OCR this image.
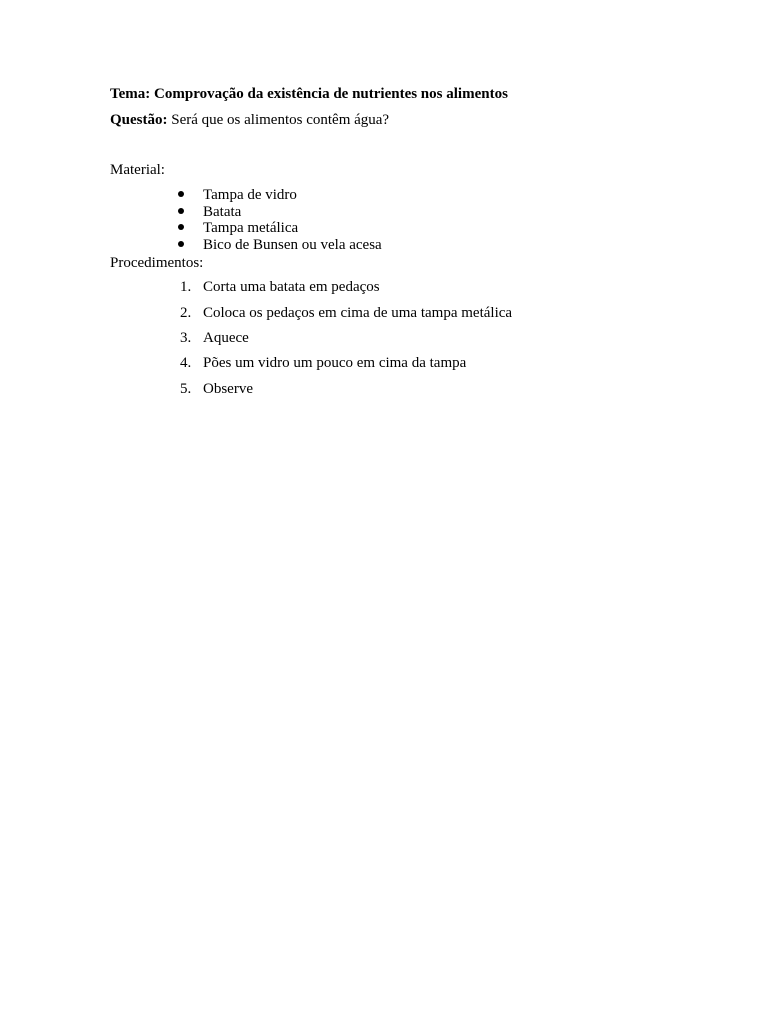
Tema: Comprovação da existência de nutrientes nos alimentos
Questão: Será que os alimentos contêm água?
Material:
Tampa de vidro
Batata
Tampa metálica
Bico de Bunsen ou vela acesa
Procedimentos:
1. Corta uma batata em pedaços
2. Coloca os pedaços em cima de uma tampa metálica
3. Aquece
4. Pões um vidro um pouco em cima da tampa
5. Observe
